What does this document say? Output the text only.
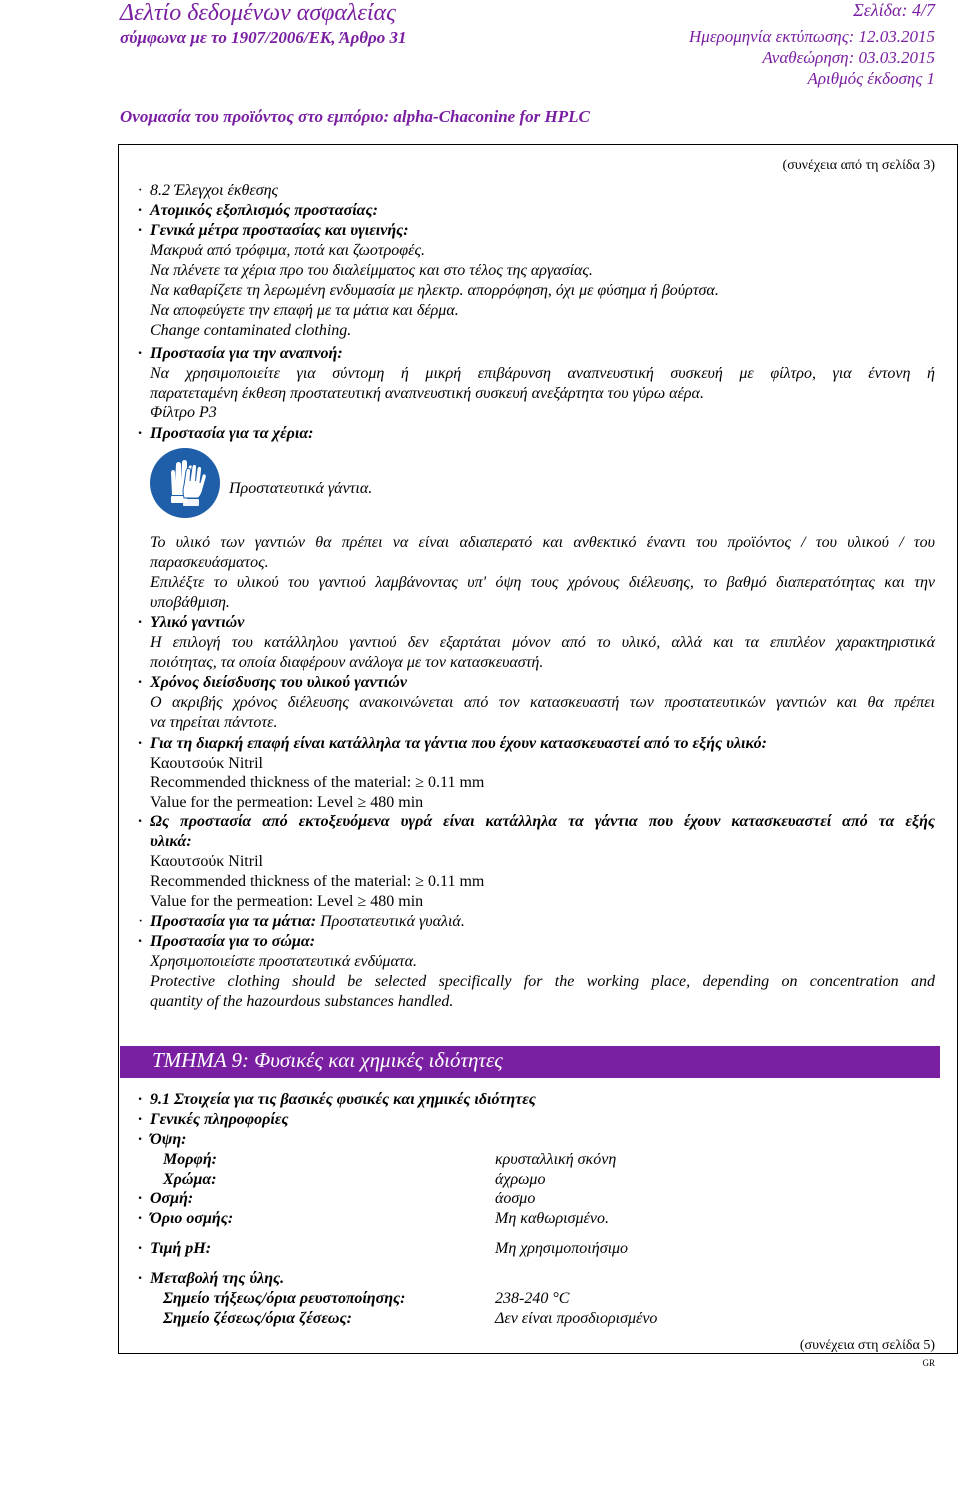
Δελτίο δεδομένων ασφαλείας
σύμφωνα με το 1907/2006/ΕΚ, Άρθρο 31
Σελίδα: 4/7
Ημερομηνία εκτύπωσης: 12.03.2015
Αναθεώρηση: 03.03.2015
Αριθμός έκδοσης 1
Ονομασία του προϊόντος στο εμπόριο: alpha-Chaconine for HPLC
(συνέχεια από τη σελίδα 3)
· 8.2 Έλεγχοι έκθεσης
· Ατομικός εξοπλισμός προστασίας:
· Γενικά μέτρα προστασίας και υγιεινής:
Μακρυά από τρόφιμα, ποτά και ζωοτροφές.
Να πλένετε τα χέρια προ του διαλείμματος και στο τέλος της αργασίας.
Να καθαρίζετε τη λερωμένη ενδυμασία με ηλεκτρ. απορρόφηση, όχι με φύσημα ή βούρτσα.
Να αποφεύγετε την επαφή με τα μάτια και δέρμα.
Change contaminated clothing.
· Προστασία για την αναπνοή:
Να χρησιμοποιείτε για σύντομη ή μικρή επιβάρυνση αναπνευστική συσκευή με φίλτρο, για έντονη ή
παρατεταμένη έκθεση προστατευτική αναπνευστική συσκευή ανεξάρτητα του γύρω αέρα.
Φίλτρο P3
· Προστασία για τα χέρια:
Προστατευτικά γάντια.
Το υλικό των γαντιών θα πρέπει να είναι αδιαπερατό και ανθεκτικό έναντι του προϊόντος / του υλικού / του
παρασκευάσματος.
Επιλέξτε το υλικού του γαντιού λαμβάνοντας υπ' όψη τους χρόνους διέλευσης, το βαθμό διαπερατότητας και την
υποβάθμιση.
· Υλικό γαντιών
Η επιλογή του κατάλληλου γαντιού δεν εξαρτάται μόνον από το υλικό, αλλά και τα επιπλέον χαρακτηριστικά
ποιότητας, τα οποία διαφέρουν ανάλογα με τον κατασκευαστή.
· Χρόνος διείσδυσης του υλικού γαντιών
Ο ακριβής χρόνος διέλευσης ανακοινώνεται από τον κατασκευαστή των προστατευτικών γαντιών και θα πρέπει
να τηρείται πάντοτε.
· Για τη διαρκή επαφή είναι κατάλληλα τα γάντια που έχουν κατασκευαστεί από το εξής υλικό:
Καουτσούκ Nitril
Recommended thickness of the material: ≥ 0.11 mm
Value for the permeation: Level ≥ 480 min
· Ως προστασία από εκτοξευόμενα υγρά είναι κατάλληλα τα γάντια που έχουν κατασκευαστεί από τα εξής
υλικά:
Καουτσούκ Nitril
Recommended thickness of the material: ≥ 0.11 mm
Value for the permeation: Level ≥ 480 min
· Προστασία για τα μάτια: Προστατευτικά γυαλιά.
· Προστασία για το σώμα:
Χρησιμοποιείστε προστατευτικά ενδύματα.
Protective clothing should be selected specifically for the working place, depending on concentration and
quantity of the hazourdous substances handled.
ΤΜΗΜΑ 9: Φυσικές και χημικές ιδιότητες
· 9.1 Στοιχεία για τις βασικές φυσικές και χημικές ιδιότητες
· Γενικές πληροφορίες
· Όψη:
Μορφή:	κρυσταλλική σκόνη
Χρώμα:	άχρωμο
· Οσμή:	άοσμο
· Όριο οσμής:	Μη καθωρισμένο.
· Τιμή pH:	Μη χρησιμοποιήσιμο
· Μεταβολή της ύλης.
Σημείο τήξεως/όρια ρευστοποίησης:	238-240 °C
Σημείο ζέσεως/όρια ζέσεως:	Δεν είναι προσδιορισμένο
(συνέχεια στη σελίδα 5)
GR
